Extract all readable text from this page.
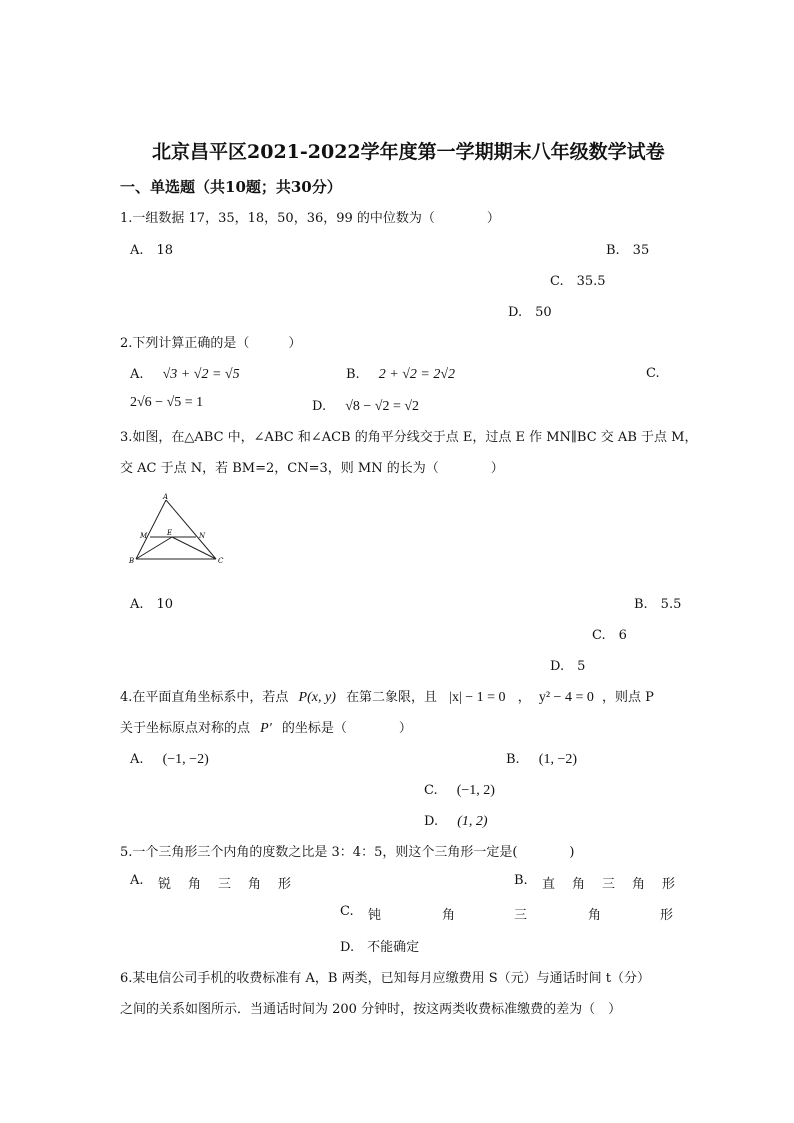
北京昌平区2021-2022学年度第一学期期末八年级数学试卷
一、单选题（共10题；共30分）
1.一组数据 17，35，18，50，36，99 的中位数为（　　　　）
A.　18	B.　35
C.　35.5
D.　50
2.下列计算正确的是（　　　）
A. √3 + √2 = √5	B. 2 + √2 = 2√2	C.
2√6 − √5 = 1	D. √8 − √2 = √2
3.如图，在△ABC 中，∠ABC 和∠ACB 的角平分线交于点 E，过点 E 作 MN∥BC 交 AB 于点 M，
交 AC 于点 N，若 BM=2，CN=3，则 MN 的长为（　　　　）
A
M	E	N
B	C
A.　10	B.　5.5
C.　6
D.　5
4.在平面直角坐标系中，若点 P(x, y) 在第二象限，且 |x| − 1 = 0 ， y² − 4 = 0 ，则点 P
关于坐标原点对称的点 P′ 的坐标是（　　　　）
A. (−1, −2)	B. (1, −2)
C. (−1, 2)
D. (1, 2)
5.一个三角形三个内角的度数之比是 3：4：5，则这个三角形一定是(　　　　)
A. 锐 角 三 角 形	B. 直 角 三 角 形
C. 钝	角	三	角	形
D.　不能确定
6.某电信公司手机的收费标准有 A，B 两类，已知每月应缴费用 S（元）与通话时间 t（分）
之间的关系如图所示．当通话时间为 200 分钟时，按这两类收费标准缴费的差为（　）
